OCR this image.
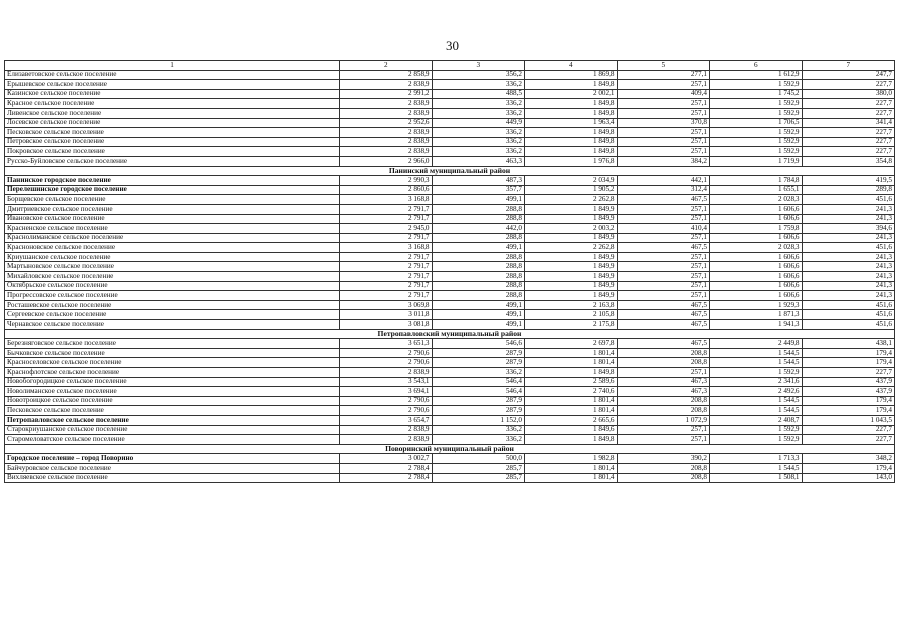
30
1	2	3	4	5	6	7
Елизаветовское сельское поселение	2 858,9	356,2	1 869,8	277,1	1 612,9	247,7
Ерышевское сельское поселение	2 838,9	336,2	1 849,8	257,1	1 592,9	227,7
Казинское сельское поселение	2 991,2	488,5	2 002,1	409,4	1 745,2	380,0
Красное сельское поселение	2 838,9	336,2	1 849,8	257,1	1 592,9	227,7
Ливенское сельское поселение	2 838,9	336,2	1 849,8	257,1	1 592,9	227,7
Лосевское сельское поселение	2 952,6	449,9	1 963,4	370,8	1 706,5	341,4
Песковское сельское поселение	2 838,9	336,2	1 849,8	257,1	1 592,9	227,7
Петровское сельское поселение	2 838,9	336,2	1 849,8	257,1	1 592,9	227,7
Покровское сельское поселение	2 838,9	336,2	1 849,8	257,1	1 592,9	227,7
Русско-Буйловское сельское поселение	2 966,0	463,3	1 976,8	384,2	1 719,9	354,8
Панинский муниципальный район						
Панинское городское поселение	2 990,3	487,3	2 034,9	442,1	1 784,8	419,5
Перелешинское городское поселение	2 860,6	357,7	1 905,2	312,4	1 655,1	289,8
Борщевское сельское поселение	3 168,8	499,1	2 262,8	467,5	2 028,3	451,6
Дмитриевское сельское поселение	2 791,7	288,8	1 849,9	257,1	1 606,6	241,3
Ивановское сельское поселение	2 791,7	288,8	1 849,9	257,1	1 606,6	241,3
Красненское сельское поселение	2 945,0	442,0	2 003,2	410,4	1 759,8	394,6
Краснолиманское сельское поселение	2 791,7	288,8	1 849,9	257,1	1 606,6	241,3
Красноновское сельское поселение	3 168,8	499,1	2 262,8	467,5	2 028,3	451,6
Криушанское сельское поселение	2 791,7	288,8	1 849,9	257,1	1 606,6	241,3
Мартыновское сельское поселение	2 791,7	288,8	1 849,9	257,1	1 606,6	241,3
Михайловское сельское поселение	2 791,7	288,8	1 849,9	257,1	1 606,6	241,3
Октябрьское сельское поселение	2 791,7	288,8	1 849,9	257,1	1 606,6	241,3
Прогрессовское сельское поселение	2 791,7	288,8	1 849,9	257,1	1 606,6	241,3
Росташевское сельское поселение	3 069,8	499,1	2 163,8	467,5	1 929,3	451,6
Сергеевское сельское поселение	3 011,8	499,1	2 105,8	467,5	1 871,3	451,6
Чернавское сельское поселение	3 081,8	499,1	2 175,8	467,5	1 941,3	451,6
Петропавловский муниципальный район						
Березняговское сельское поселение	3 651,3	546,6	2 697,8	467,5	2 449,8	438,1
Бычковское сельское поселение	2 790,6	287,9	1 801,4	208,8	1 544,5	179,4
Красноселовское сельское поселение	2 790,6	287,9	1 801,4	208,8	1 544,5	179,4
Краснофлотское сельское поселение	2 838,9	336,2	1 849,8	257,1	1 592,9	227,7
Новобогородицкое сельское поселение	3 543,1	546,4	2 589,6	467,3	2 341,6	437,9
Новолиманское сельское поселение	3 694,1	546,4	2 740,6	467,3	2 492,6	437,9
Новотроицкое сельское поселение	2 790,6	287,9	1 801,4	208,8	1 544,5	179,4
Песковское сельское поселение	2 790,6	287,9	1 801,4	208,8	1 544,5	179,4
Петропавловское сельское поселение	3 654,7	1 152,0	2 665,6	1 072,9	2 408,7	1 043,5
Старокриушанское сельское поселение	2 838,9	336,2	1 849,6	257,1	1 592,9	227,7
Старомеловатское сельское поселение	2 838,9	336,2	1 849,8	257,1	1 592,9	227,7
Поворинский муниципальный район						
Городское поселение – город Поворино	3 002,7	500,0	1 982,8	390,2	1 713,3	348,2
Байчуровское сельское поселение	2 788,4	285,7	1 801,4	208,8	1 544,5	179,4
Вихляевское сельское поселение	2 788,4	285,7	1 801,4	208,8	1 508,1	143,0
